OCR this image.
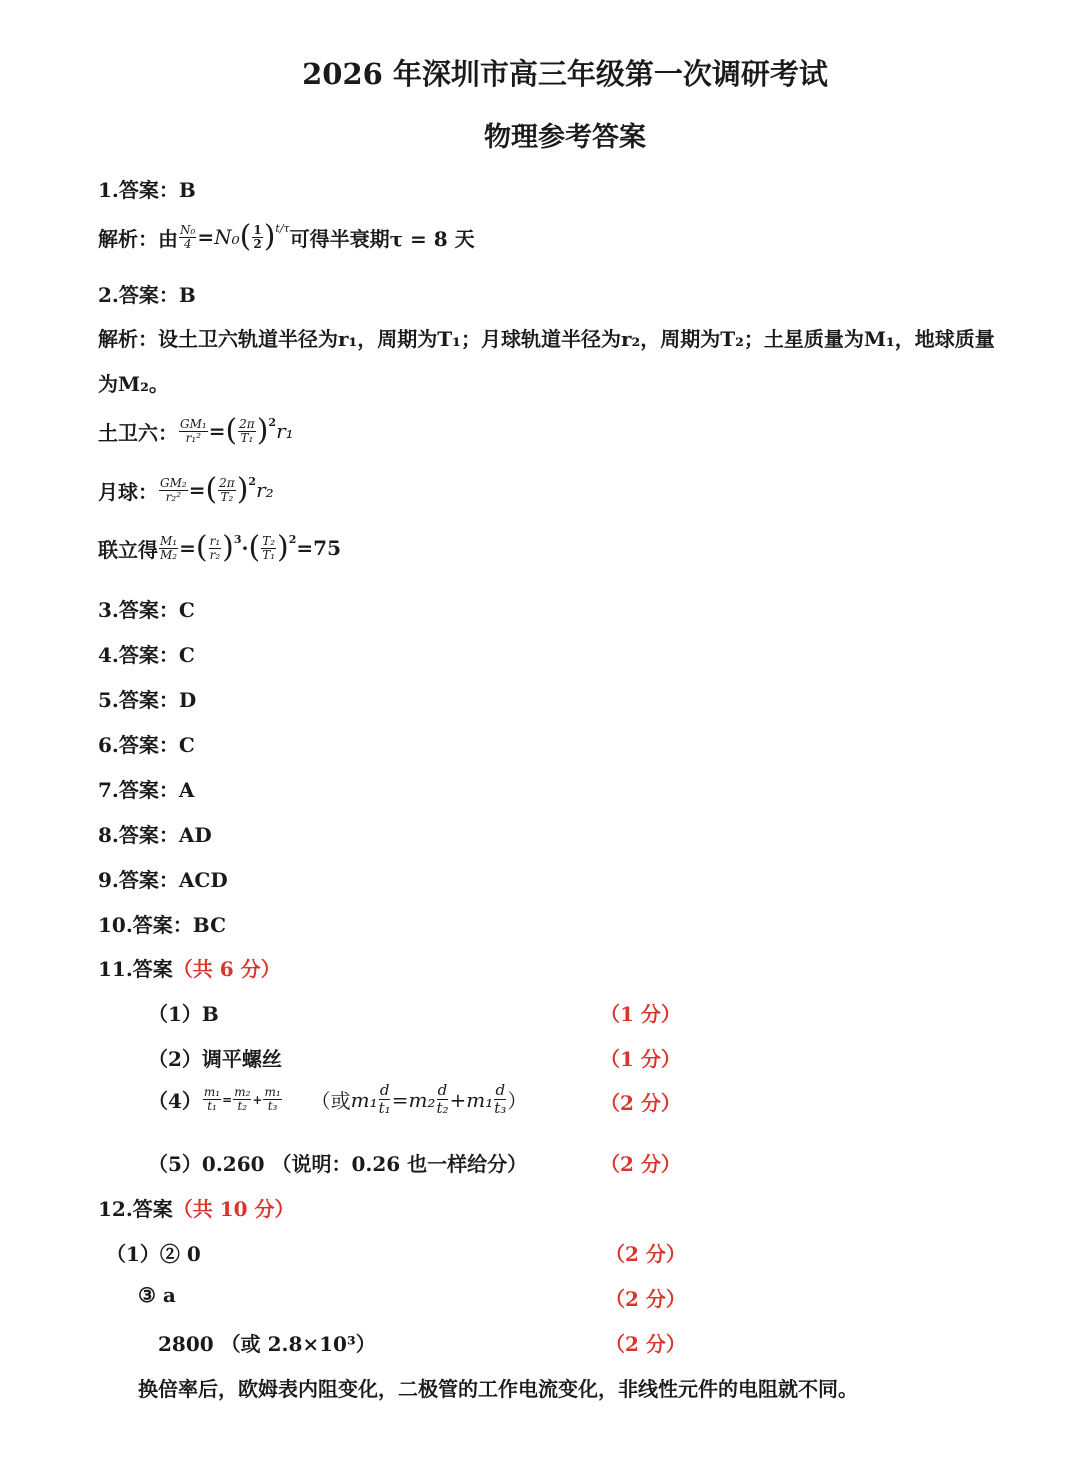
2026 年深圳市高三年级第一次调研考试
物理参考答案
1.答案：B
解析：由 $\frac{\text{N₀}}{4} = N_0$ ( $\frac{1}{2} )^{t/\tau}$ 可得半衰期τ = 8 天
2.答案：B
解析：设土卫六轨道半径为r₁，周期为T₁；月球轨道半径为r₂，周期为T₂；土星质量为M₁，地球质量
为M₂。
土卫六： $\frac{\text{GM₁}}{\text{r₁²}}$ = ( $\frac{2\pi}{\text{T₁}} )^2$ r₁
月球： $\frac{\text{GM₂}}{\text{r₂²}}$ = ( $\frac{2\pi}{\text{T₂}} )^2$ r₂
联立得 $\frac{\text{M₁}}{\text{M₂}}$ = ( $\frac{\text{r₁}}{\text{r₂}} )^3$ · ( $\frac{\text{T₂}}{\text{T₁}} )^2 =75$
3.答案：C
4.答案：C
5.答案：D
6.答案：C
7.答案：A
8.答案：AD
9.答案：ACD
10.答案：BC
11.答案 （共 6 分）
（1）B	（1 分）
（2）调平螺丝	（1 分）
$(4) \frac{\text{m₁}}{\text{t₁}} = \frac{\text{m₂}}{\text{t₂}} + \frac{\text{m₁}}{\text{t₃}}$ （或 $m_1 \frac{d}{\text{t₁}} = m_2 \frac{d}{\text{t₂}} + m_1 \frac{d}{\text{t₃}}$ ）	（2 分）
（5）0.260 （说明：0.26 也一样给分）	（2 分）
12.答案 （共 10 分）
（1）② 0	（2 分）
③ a	（2 分）
2800 （或 2.8×10³）	（2 分）
换倍率后，欧姆表内阻变化，二极管的工作电流变化，非线性元件的电阻就不同。
